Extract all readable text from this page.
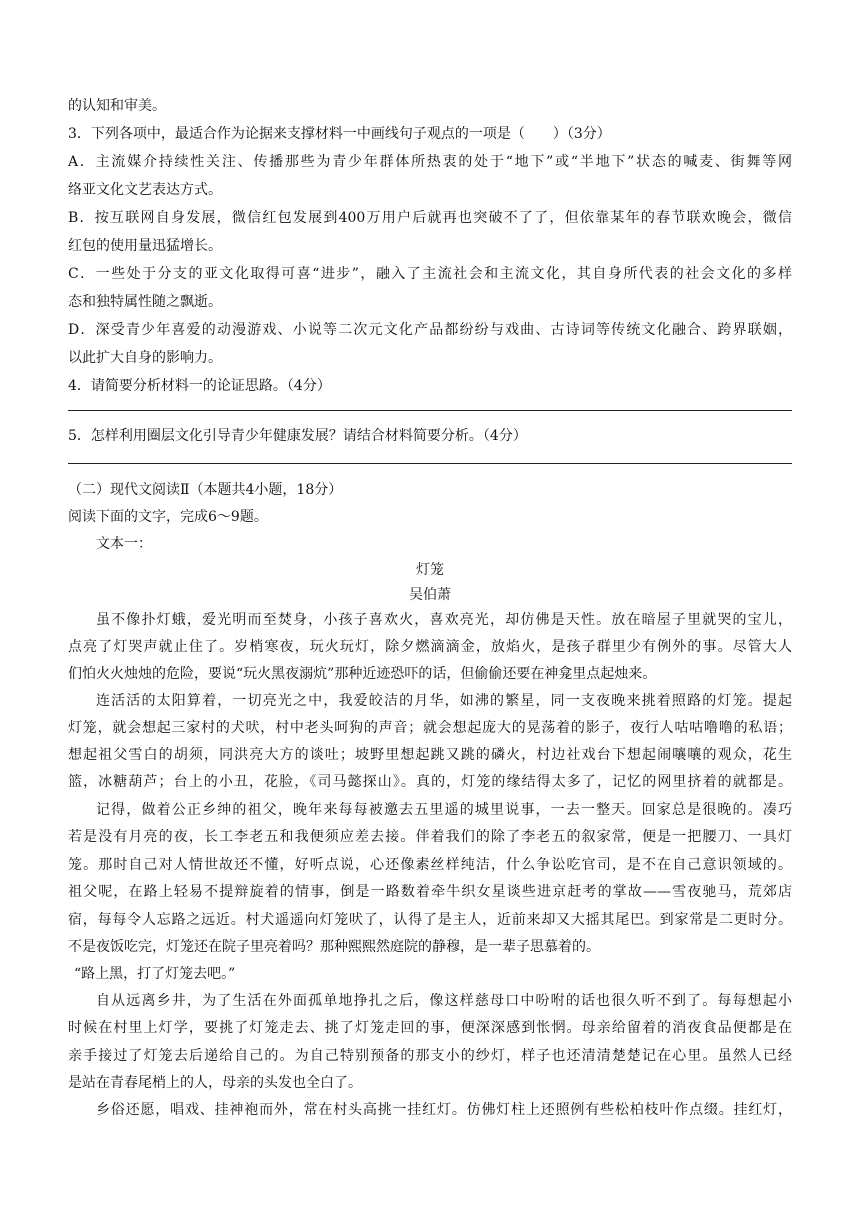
的认知和审美。
3．下列各项中，最适合作为论据来支撑材料一中画线句子观点的一项是（　　）（3分）
A．主流媒介持续性关注、传播那些为青少年群体所热衷的处于“地下”或“半地下”状态的喊麦、街舞等网
络亚文化文艺表达方式。
B．按互联网自身发展，微信红包发展到400万用户后就再也突破不了了，但依靠某年的春节联欢晚会，微信
红包的使用量迅猛增长。
C．一些处于分支的亚文化取得可喜“进步”，融入了主流社会和主流文化，其自身所代表的社会文化的多样
态和独特属性随之飘逝。
D．深受青少年喜爱的动漫游戏、小说等二次元文化产品都纷纷与戏曲、古诗词等传统文化融合、跨界联姻，
以此扩大自身的影响力。
4．请简要分析材料一的论证思路。（4分）
5．怎样利用圈层文化引导青少年健康发展？请结合材料简要分析。（4分）
（二）现代文阅读Ⅱ（本题共4小题，18分）
阅读下面的文字，完成6～9题。
文本一：
灯笼
吴伯萧
虽不像扑灯蛾，爱光明而至焚身，小孩子喜欢火，喜欢亮光，却仿佛是天性。放在暗屋子里就哭的宝儿，
点亮了灯哭声就止住了。岁梢寒夜，玩火玩灯，除夕燃滴滴金，放焰火，是孩子群里少有例外的事。尽管大人
们怕火火烛烛的危险，要说“玩火黑夜溺炕”那种近迹恐吓的话，但偷偷还要在神龛里点起烛来。
连活活的太阳算着，一切亮光之中，我爱皎洁的月华，如沸的繁星，同一支夜晚来挑着照路的灯笼。提起
灯笼，就会想起三家村的犬吠，村中老头呵狗的声音；就会想起庞大的晃荡着的影子，夜行人咕咕噜噜的私语；
想起祖父雪白的胡须，同洪亮大方的谈吐；坡野里想起跳又跳的磷火，村边社戏台下想起闹嚷嚷的观众，花生
篮，冰糖葫芦；台上的小丑，花脸，《司马懿探山》。真的，灯笼的缘结得太多了，记忆的网里挤着的就都是。
记得，做着公正乡绅的祖父，晚年来每每被邀去五里遥的城里说事，一去一整天。回家总是很晚的。凑巧
若是没有月亮的夜，长工李老五和我便须应差去接。伴着我们的除了李老五的叙家常，便是一把腰刀、一具灯
笼。那时自己对人情世故还不懂，好听点说，心还像素丝样纯洁，什么争讼吃官司，是不在自己意识领域的。
祖父呢，在路上轻易不提辩旋着的情事，倒是一路数着牵牛织女星谈些进京赶考的掌故——雪夜驰马，荒郊店
宿，每每令人忘路之远近。村犬遥遥向灯笼吠了，认得了是主人，近前来却又大摇其尾巴。到家常是二更时分。
不是夜饭吃完，灯笼还在院子里亮着吗？那种熙熙然庭院的静穆，是一辈子思慕着的。
“路上黑，打了灯笼去吧。”
自从远离乡井，为了生活在外面孤单地挣扎之后，像这样慈母口中吩咐的话也很久听不到了。每每想起小
时候在村里上灯学，要挑了灯笼走去、挑了灯笼走回的事，便深深感到怅惘。母亲给留着的消夜食品便都是在
亲手接过了灯笼去后递给自己的。为自己特别预备的那支小的纱灯，样子也还清清楚楚记在心里。虽然人已经
是站在青春尾梢上的人，母亲的头发也全白了。
乡俗还愿，唱戏、挂神袍而外，常在村头高挑一挂红灯。仿佛灯柱上还照例有些松柏枝叶作点缀。挂红灯，
